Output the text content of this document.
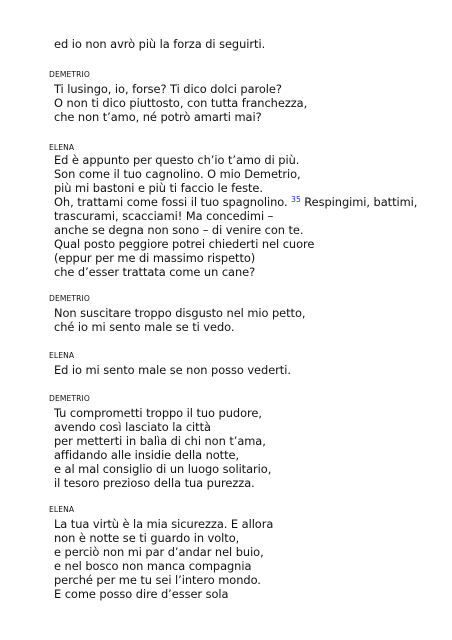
ed io non avrò più la forza di seguirti.
DEMETRIO
Ti lusingo, io, forse? Ti dico dolci parole?
O non ti dico piuttosto, con tutta franchezza,
che non t’amo, né potrò amarti mai?
ELENA
Ed è appunto per questo ch’io t’amo di più.
Son come il tuo cagnolino. O mio Demetrio,
più mi bastoni e più ti faccio le feste.
Oh, trattami come fossi il tuo spagnolino. $^{35}$ Respingimi, battimi,
trascurami, scacciami! Ma concedimi –
anche se degna non sono – di venire con te.
Qual posto peggiore potrei chiederti nel cuore
(eppur per me di massimo rispetto)
che d’esser trattata come un cane?
DEMETRIO
Non suscitare troppo disgusto nel mio petto,
ché io mi sento male se ti vedo.
ELENA
Ed io mi sento male se non posso vederti.
DEMETRIO
Tu comprometti troppo il tuo pudore,
avendo così lasciato la città
per metterti in balìa di chi non t’ama,
affidando alle insidie della notte,
e al mal consiglio di un luogo solitario,
il tesoro prezioso della tua purezza.
ELENA
La tua virtù è la mia sicurezza. E allora
non è notte se ti guardo in volto,
e perciò non mi par d’andar nel buio,
e nel bosco non manca compagnia
perché per me tu sei l’intero mondo.
E come posso dire d’esser sola
